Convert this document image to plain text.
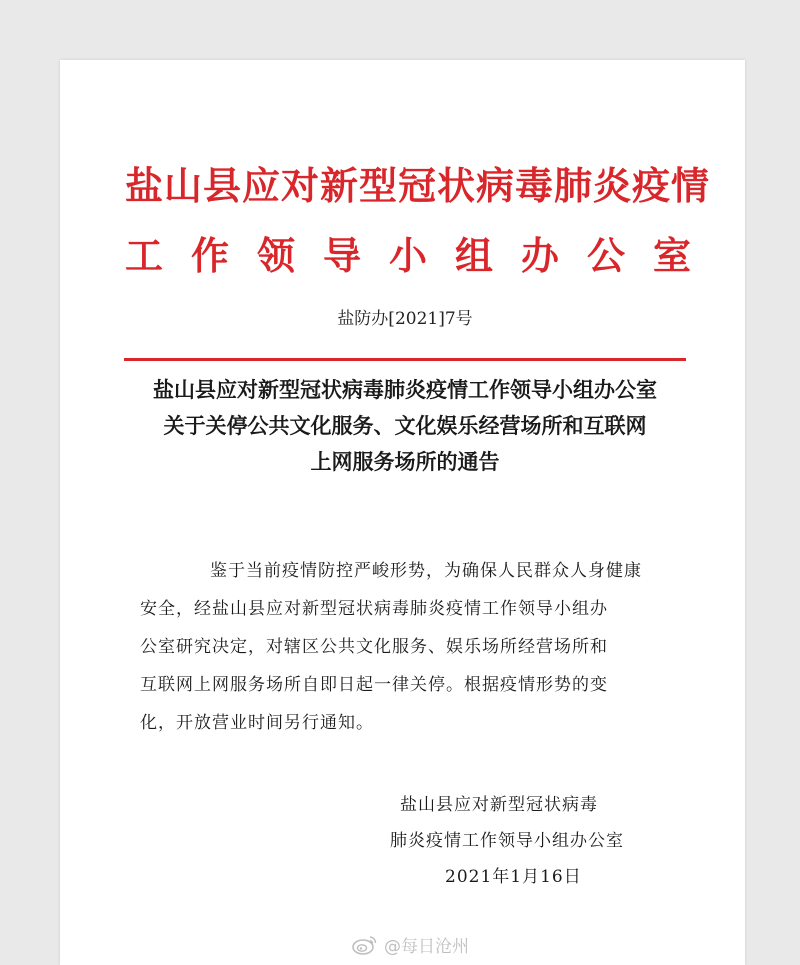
盐山县应对新型冠状病毒肺炎疫情
工作领导小组办公室
盐防办[2021]7号
盐山县应对新型冠状病毒肺炎疫情工作领导小组办公室
关于关停公共文化服务、文化娱乐经营场所和互联网
上网服务场所的通告
鉴于当前疫情防控严峻形势，为确保人民群众人身健康
安全，经盐山县应对新型冠状病毒肺炎疫情工作领导小组办
公室研究决定，对辖区公共文化服务、娱乐场所经营场所和
互联网上网服务场所自即日起一律关停。根据疫情形势的变
化，开放营业时间另行通知。
盐山县应对新型冠状病毒
肺炎疫情工作领导小组办公室
2021年1月16日
@每日沧州
